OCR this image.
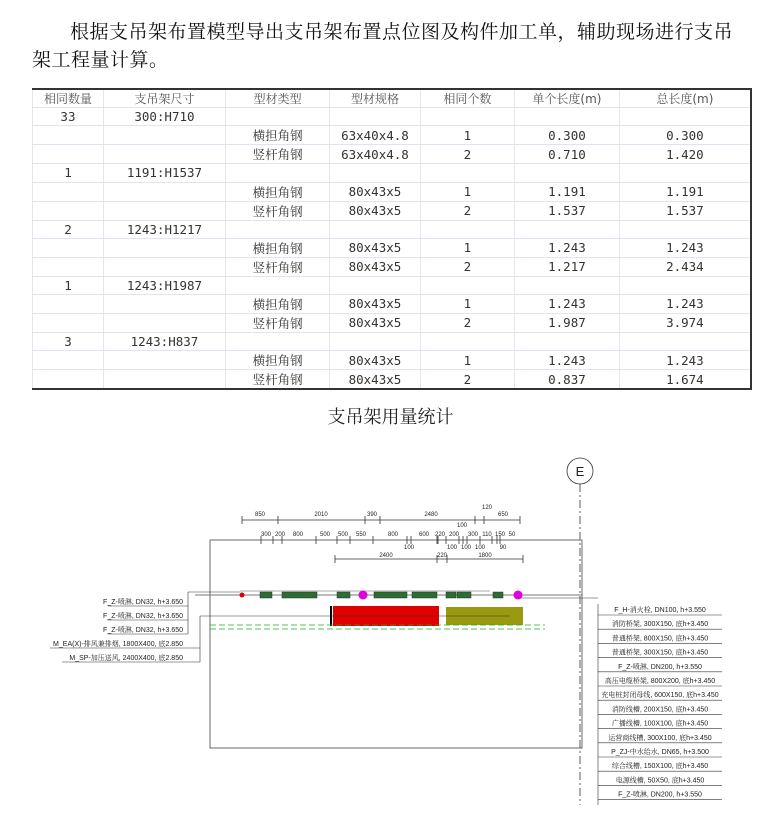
根据支吊架布置模型导出支吊架布置点位图及构件加工单，辅助现场进行支吊架工程量计算。
相同数量	支吊架尺寸	型材类型	型材规格	相同个数	单个长度(m)	总长度(m)
33	300:H710					
		横担角钢	63x40x4.8	1	0.300	0.300
		竖杆角钢	63x40x4.8	2	0.710	1.420
1	1191:H1537					
		横担角钢	80x43x5	1	1.191	1.191
		竖杆角钢	80x43x5	2	1.537	1.537
2	1243:H1217					
		横担角钢	80x43x5	1	1.243	1.243
		竖杆角钢	80x43x5	2	1.217	2.434
1	1243:H1987					
		横担角钢	80x43x5	1	1.243	1.243
		竖杆角钢	80x43x5	2	1.987	3.974
3	1243:H837					
		横担角钢	80x43x5	1	1.243	1.243
		竖杆角钢	80x43x5	2	0.837	1.674
支吊架用量统计
E
850	2010	390	2480
120
650
300 200 800	500 500 550	800	600 220 200 300 110 150 50
100	100 100 100 90
100
2400	220	1800
F_Z-喷淋, DN32, h+3.650
F_Z-喷淋, DN32, h+3.650
F_Z-喷淋, DN32, h+3.650
M_EA(X)-排风兼排烟, 1800X400, 底2.850
M_SP-加压送风, 2400X400, 底2.850
F_H-消火栓, DN100, h+3.550
消防桥架, 300X150, 底h+3.450
普通桥架, 800X150, 底h+3.450
普通桥架, 300X150, 底h+3.450
F_Z-喷淋, DN200, h+3.550
高压电缆桥架, 800X200, 底h+3.450
充电桩封闭母线, 600X150, 底h+3.450
消防线槽, 200X150, 底h+3.450
广播线槽, 100X100, 底h+3.450
运营商线槽, 300X100, 底h+3.450
P_ZJ-中水给水, DN65, h+3.500
综合线槽, 150X100, 底h+3.450
电源线槽, 50X50, 底h+3.450
F_Z-喷淋, DN200, h+3.550
